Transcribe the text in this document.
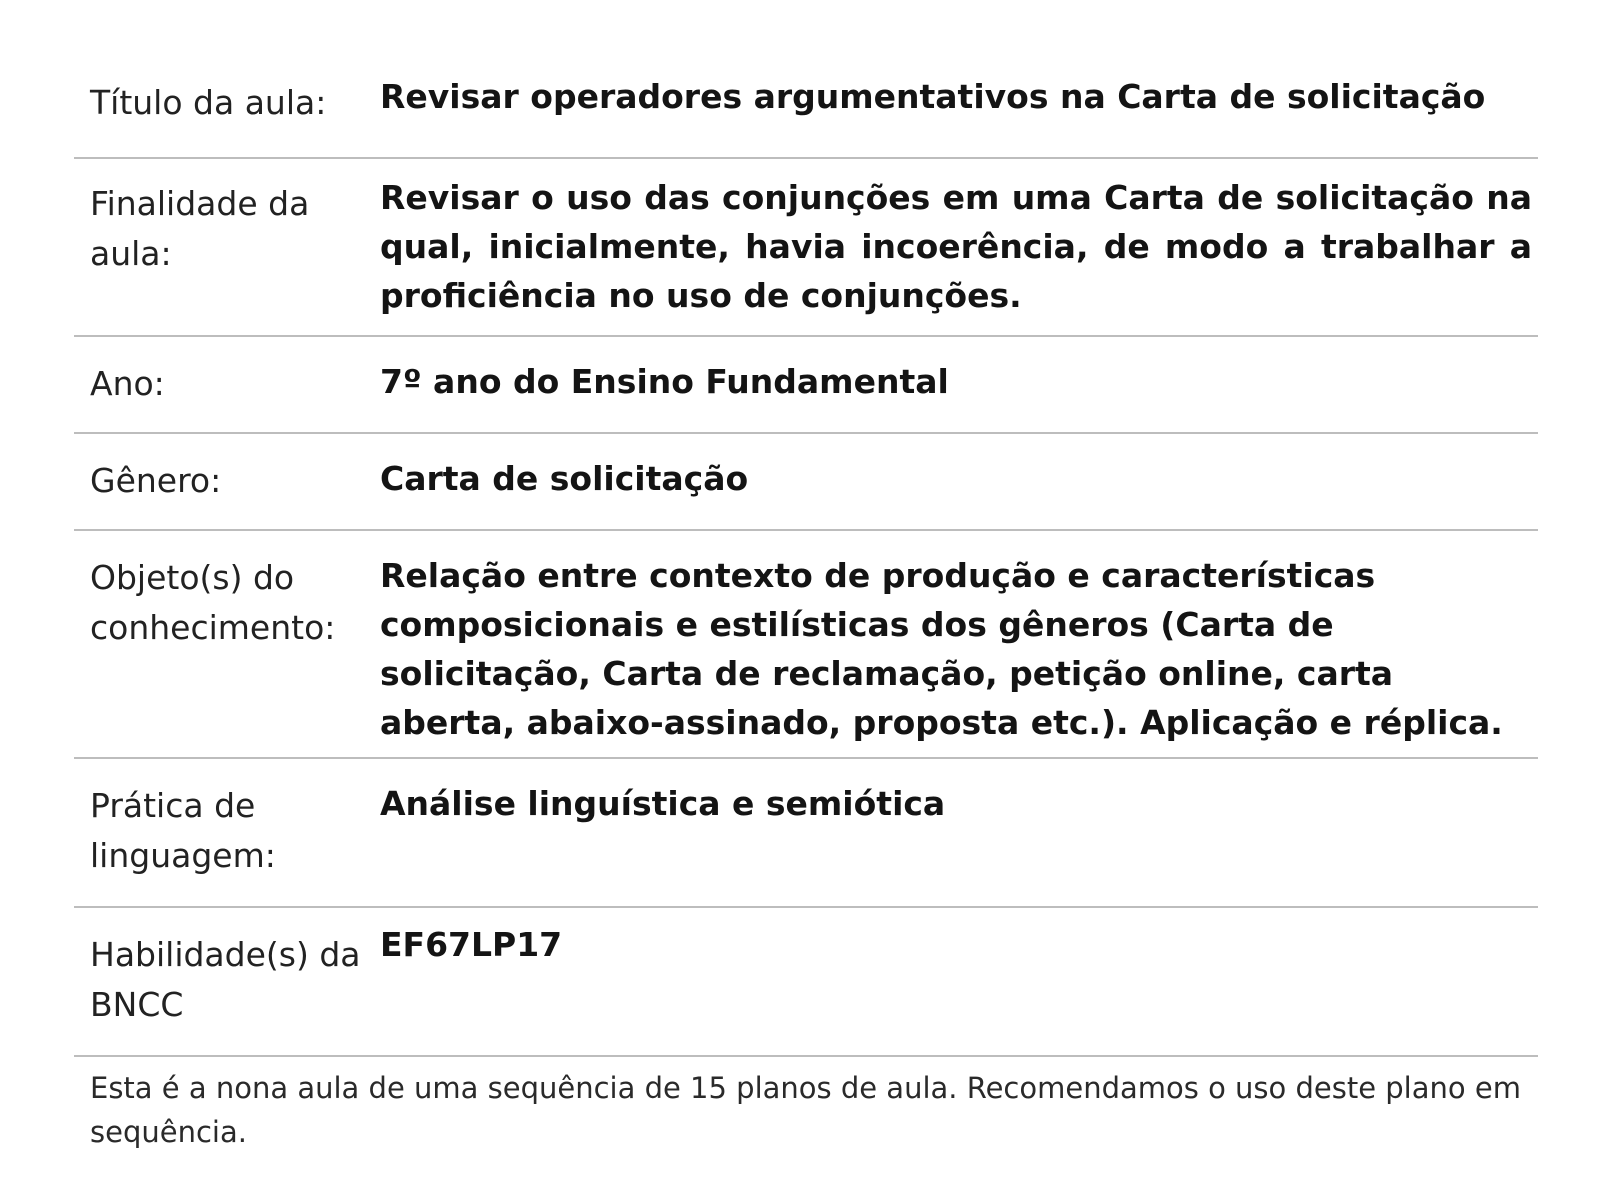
Título da aula:	Revisar operadores argumentativos na Carta de solicitação
Finalidade da aula:
Revisar o uso das conjunções em uma Carta de solicitação na qual, inicialmente, havia incoerência, de modo a trabalhar a proficiência no uso de conjunções.
Ano:	7º ano do Ensino Fundamental
Gênero:	Carta de solicitação
Objeto(s) do conhecimento:
Relação entre contexto de produção e características composicionais e estilísticas dos gêneros (Carta de solicitação, Carta de reclamação, petição online, carta aberta, abaixo-assinado, proposta etc.). Aplicação e réplica.
Prática de linguagem:
Análise linguística e semiótica
Habilidade(s) da BNCC
EF67LP17
Esta é a nona aula de uma sequência de 15 planos de aula. Recomendamos o uso deste plano em sequência.
